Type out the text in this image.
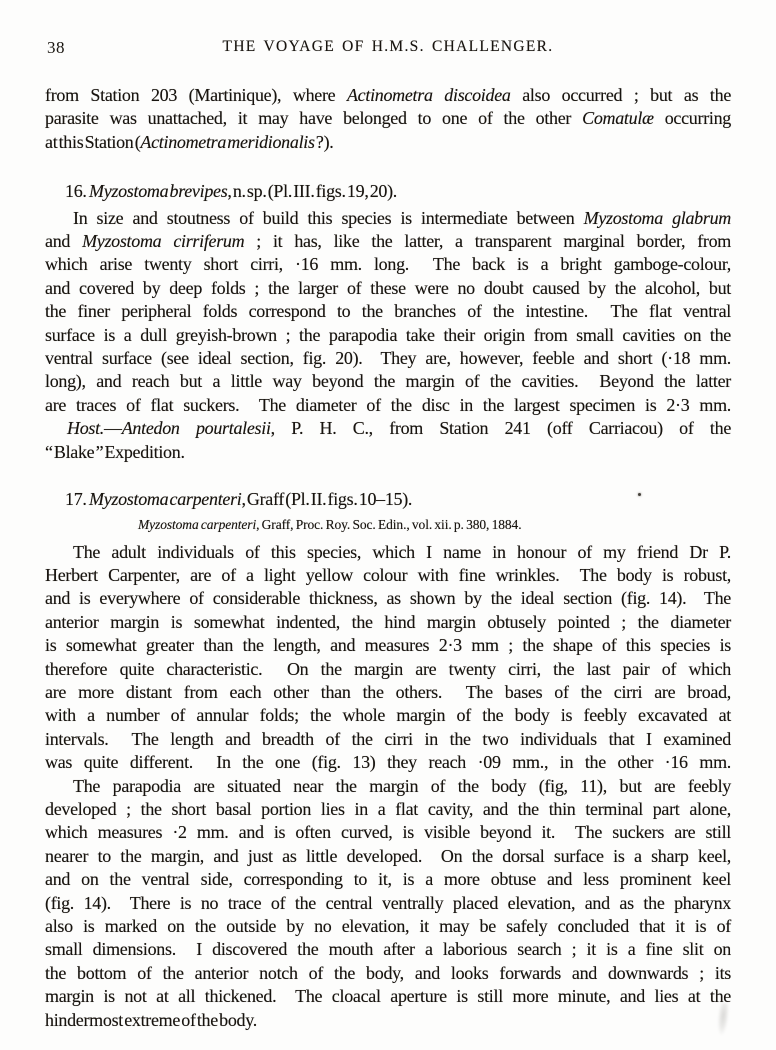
38	THE VOYAGE OF H.M.S. CHALLENGER.

from Station 203 (Martinique), where Actinometra discoidea also occurred ; but as the
parasite was unattached, it may have belonged to one of the other Comatulæ occurring
at this Station (Actinometra meridionalis ?).

16.  Myzostoma brevipes, n. sp. (Pl. III. figs. 19, 20).

In size and stoutness of build this species is intermediate between Myzostoma glabrum
and Myzostoma cirriferum ; it has, like the latter, a transparent marginal border, from
which arise twenty short cirri, ·16 mm. long.  The back is a bright gamboge-colour,
and covered by deep folds ; the larger of these were no doubt caused by the alcohol, but
the finer peripheral folds correspond to the branches of the intestine.  The flat ventral
surface is a dull greyish-brown ; the parapodia take their origin from small cavities on the
ventral surface (see ideal section, fig. 20).  They are, however, feeble and short (·18 mm.
long), and reach but a little way beyond the margin of the cavities.  Beyond the latter
are traces of flat suckers.  The diameter of the disc in the largest specimen is 2·3 mm.

Host.—Antedon pourtalesii, P. H. C., from Station 241 (off Carriacou) of the
“ Blake ” Expedition.

17.  Myzostoma carpenteri, Graff (Pl. II. figs. 10–15).

Myzostoma carpenteri, Graff, Proc. Roy. Soc. Edin., vol. xii. p. 380, 1884.

The adult individuals of this species, which I name in honour of my friend Dr P.
Herbert Carpenter, are of a light yellow colour with fine wrinkles.  The body is robust,
and is everywhere of considerable thickness, as shown by the ideal section (fig. 14).  The
anterior margin is somewhat indented, the hind margin obtusely pointed ; the diameter
is somewhat greater than the length, and measures 2·3 mm ; the shape of this species is
therefore quite characteristic.  On the margin are twenty cirri, the last pair of which
are more distant from each other than the others.  The bases of the cirri are broad,
with a number of annular folds; the whole margin of the body is feebly excavated at
intervals.  The length and breadth of the cirri in the two individuals that I examined
was quite different.  In the one (fig. 13) they reach ·09 mm., in the other ·16 mm.

The parapodia are situated near the margin of the body (fig, 11), but are feebly
developed ; the short basal portion lies in a flat cavity, and the thin terminal part alone,
which measures ·2 mm. and is often curved, is visible beyond it.  The suckers are still
nearer to the margin, and just as little developed.  On the dorsal surface is a sharp keel,
and on the ventral side, corresponding to it, is a more obtuse and less prominent keel
(fig. 14).  There is no trace of the central ventrally placed elevation, and as the pharynx
also is marked on the outside by no elevation, it may be safely concluded that it is of
small dimensions.  I discovered the mouth after a laborious search ; it is a fine slit on
the bottom of the anterior notch of the body, and looks forwards and downwards ; its
margin is not at all thickened.  The cloacal aperture is still more minute, and lies at the
hindermost extreme of the body.
